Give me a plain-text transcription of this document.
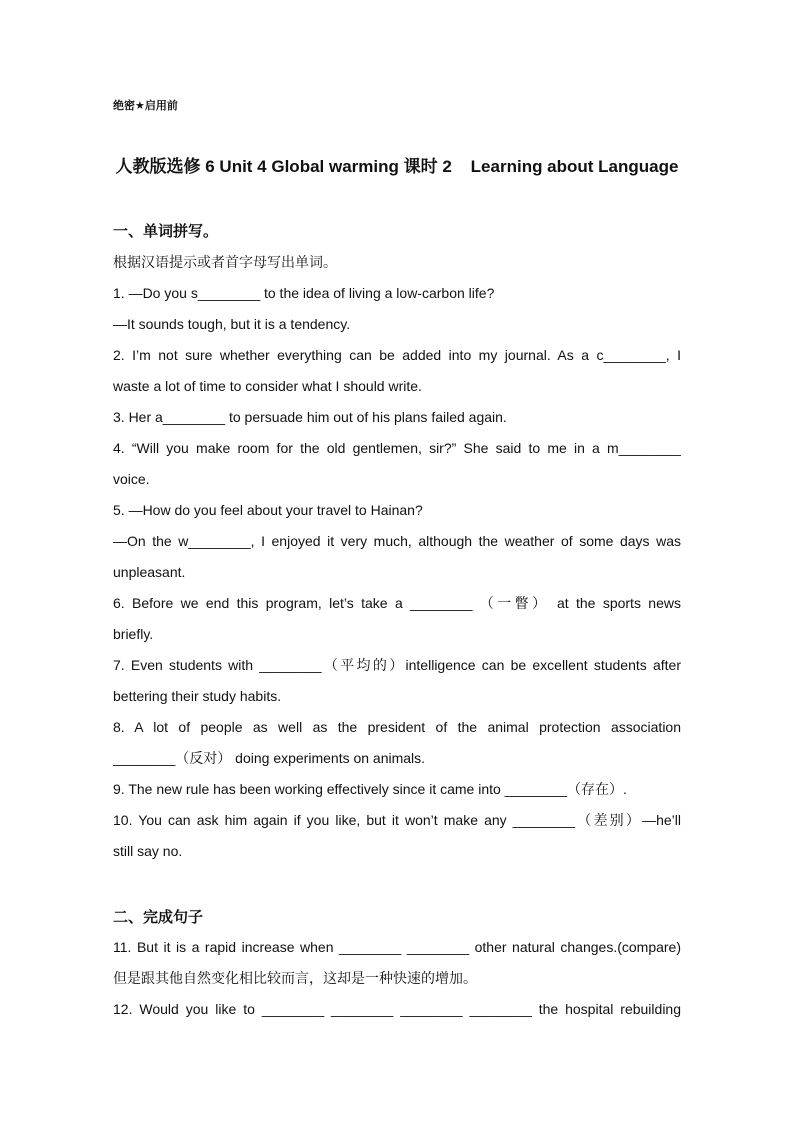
绝密★启用前
人教版选修 6 Unit 4 Global warming 课时 2    Learning about Language
一、单词拼写。
根据汉语提示或者首字母写出单词。
1. —Do you s________ to the idea of living a low-carbon life?
—It sounds tough, but it is a tendency.
2. I’m not sure whether everything can be added into my journal. As a c________, I
waste a lot of time to consider what I should write.
3. Her a________ to persuade him out of his plans failed again.
4. “Will you make room for the old gentlemen, sir?” She said to me in a m________
voice.
5. —How do you feel about your travel to Hainan?
—On the w________, I enjoyed it very much, although the weather of some days was
unpleasant.
6. Before we end this program, let’s take a ________ （一瞥） at the sports news
briefly.
7. Even students with ________（平均的）intelligence can be excellent students after
bettering their study habits.
8. A lot of people as well as the president of the animal protection association
________（反对） doing experiments on animals.
9. The new rule has been working effectively since it came into ________（存在）.
10. You can ask him again if you like, but it won’t make any ________（差别）—he’ll
still say no.
二、完成句子
11. But it is a rapid increase when ________ ________ other natural changes.(compare)
但是跟其他自然变化相比较而言，这却是一种快速的增加。
12. Would you like to ________ ________ ________ ________ the hospital rebuilding
